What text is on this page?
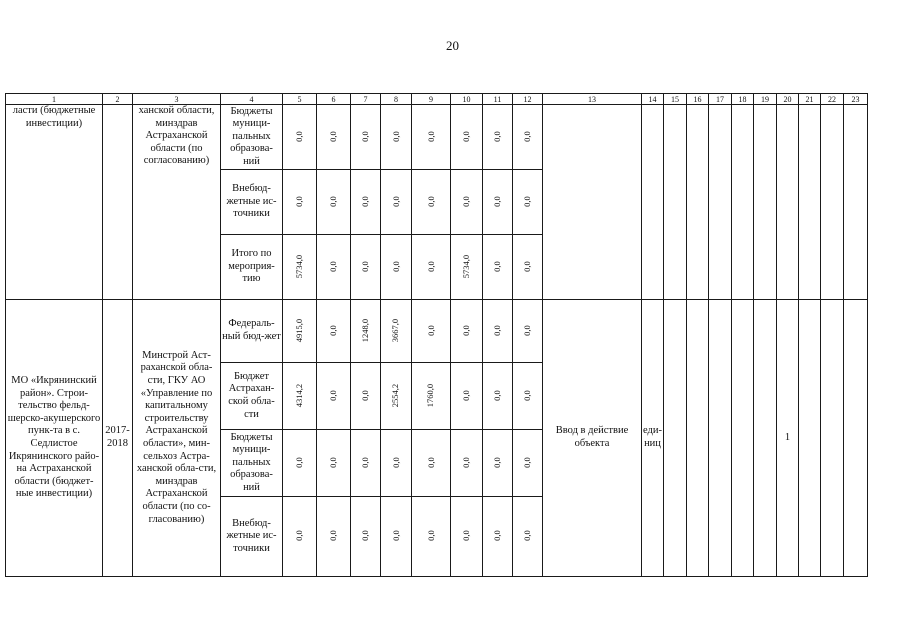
20
1	2	3	4	5	6	7	8	9	10	11	12	13	14	15	16	17	18	19	20	21	22	23
ласти (бюджетные инвестиции)		ханской области, минздрав Астраханской области (по согласованию)	Бюджеты муници-пальных образова-ний	0,0	0,0	0,0	0,0	0,0	0,0	0,0	0,0											
			Внебюд-жетные ис-точники	0,0	0,0	0,0	0,0	0,0	0,0	0,0	0,0											
			Итого по мероприя-тию	5734,0	0,0	0,0	0,0	0,0	5734,0	0,0	0,0											
МО «Икрянинский район». Строи-тельство фельд-шерско-акушерского пунк-та в с. Седлистое Икрянинского райо-на Астраханской области (бюджет-ные инвестиции)	2017-2018	Минстрой Аст-раханской обла-сти, ГКУ АО «Управление по капитальному строительству Астраханской области», мин-сельхоз Астра-ханской обла-сти, минздрав Астраханской области (по со-гласованию)	Федераль-ный бюд-жет	4915,0	0,0	1248,0	3667,0	0,0	0,0	0,0	0,0	Ввод в действие объекта	еди-ниц						1			
			Бюджет Астрахан-ской обла-сти	4314,2	0,0	0,0	2554,2	1760,0	0,0	0,0	0,0											
			Бюджеты муници-пальных образова-ний	0,0	0,0	0,0	0,0	0,0	0,0	0,0	0,0											
			Внебюд-жетные ис-точники	0,0	0,0	0,0	0,0	0,0	0,0	0,0	0,0											
